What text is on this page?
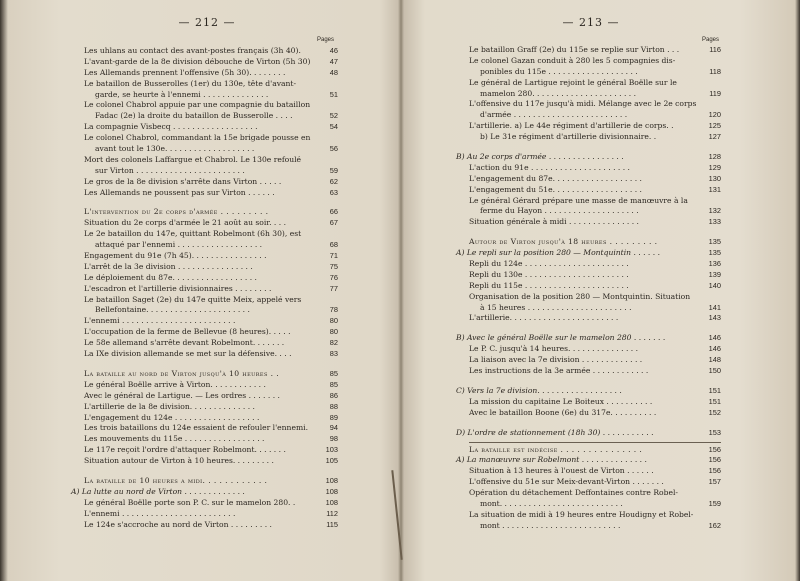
— 212 —
Pages
Les uhlans au contact des avant-postes français (3h 40).	46
L'avant-garde de la 8e division débouche de Virton (5h 30)	47
Les Allemands prennent l'offensive (5h 30). . . . . . . .	48
Le bataillon de Busserolles (1er) du 130e, tête d'avant-
garde, se heurte à l'ennemi . . . . . . . . . . . . . .	51
Le colonel Chabrol appuie par une compagnie du bataillon
Fadac (2e) la droite du bataillon de Busserolle . . . .	52
La compagnie Visbecq . . . . . . . . . . . . . . . . . .	54
Le colonel Chabrol, commandant la 15e brigade pousse en
avant tout le 130e. . . . . . . . . . . . . . . . . . .	56
Mort des colonels Laffargue et Chabrol. Le 130e refoulé
sur Virton . . . . . . . . . . . . . . . . . . . . . . .	59
Le gros de la 8e division s'arrête dans Virton . . . . .	62
Les Allemands ne poussent pas sur Virton . . . . . .	63
L'intervention du 2e corps d'armée . . . . . . . . .	66
Situation du 2e corps d'armée le 21 août au soir. . . .	67
Le 2e bataillon du 147e, quittant Robelmont (6h 30), est
attaqué par l'ennemi . . . . . . . . . . . . . . . . . .	68
Engagement du 91e (7h 45). . . . . . . . . . . . . . . .	71
L'arrêt de la 3e division . . . . . . . . . . . . . . . .	75
Le déploiement du 87e. . . . . . . . . . . . . . . . . .	76
L'escadron et l'artillerie divisionnaires . . . . . . . .	77
Le bataillon Saget (2e) du 147e quitte Meix, appelé vers
Bellefontaine. . . . . . . . . . . . . . . . . . . . . .	78
L'ennemi . . . . . . . . . . . . . . . . . . . . . . . .	80
L'occupation de la ferme de Bellevue (8 heures). . . . .	80
Le 58e allemand s'arrête devant Robelmont. . . . . . .	82
La IXe division allemande se met sur la défensive. . . .	83
La bataille au nord de Virton jusqu'à 10 heures . .	85
Le général Boëlle arrive à Virton. . . . . . . . . . . .	85
Avec le général de Lartigue. — Les ordres . . . . . . .	86
L'artillerie de la 8e division. . . . . . . . . . . . . .	88
L'engagement du 124e . . . . . . . . . . . . . . . . . .	89
Les trois bataillons du 124e essaient de refouler l'ennemi.	94
Les mouvements du 115e . . . . . . . . . . . . . . . . .	98
Le 117e reçoit l'ordre d'attaquer Robelmont. . . . . . .	103
Situation autour de Virton à 10 heures. . . . . . . . .	105
La bataille de 10 heures a midi. . . . . . . . . . . .	108
A) La lutte au nord de Virton . . . . . . . . . . . . .	108
Le général Boëlle porte son P. C. sur le mamelon 280. .	108
L'ennemi . . . . . . . . . . . . . . . . . . . . . . . .	112
Le 124e s'accroche au nord de Virton . . . . . . . . .	115
— 213 —
Pages
Le bataillon Graff (2e) du 115e se replie sur Virton . . .	116
Le colonel Gazan conduit à 280 les 5 compagnies dis-
ponibles du 115e . . . . . . . . . . . . . . . . . . .	118
Le général de Lartigue rejoint le général Boëlle sur le
mamelon 280. . . . . . . . . . . . . . . . . . . . . .	119
L'offensive du 117e jusqu'à midi. Mélange avec le 2e corps
d'armée . . . . . . . . . . . . . . . . . . . . . . . .	120
L'artillerie. a) Le 44e régiment d'artillerie de corps. .	125
b) Le 31e régiment d'artillerie divisionnaire. .	127
B) Au 2e corps d'armée . . . . . . . . . . . . . . . .	128
L'action du 91e . . . . . . . . . . . . . . . . . . . . .	129
L'engagement du 87e. . . . . . . . . . . . . . . . . . .	130
L'engagement du 51e. . . . . . . . . . . . . . . . . . .	131
Le général Gérard prépare une masse de manœuvre à la
ferme du Hayon . . . . . . . . . . . . . . . . . . . .	132
Situation générale à midi . . . . . . . . . . . . . . .	133
Autour de Virton jusqu'à 18 heures . . . . . . . . .	135
A) Le repli sur la position 280 — Montquintin . . . . . .	135
Repli du 124e . . . . . . . . . . . . . . . . . . . . . .	136
Repli du 130e . . . . . . . . . . . . . . . . . . . . . .	139
Repli du 115e . . . . . . . . . . . . . . . . . . . . . .	140
Organisation de la position 280 — Montquintin. Situation
à 15 heures . . . . . . . . . . . . . . . . . . . . . .	141
L'artillerie. . . . . . . . . . . . . . . . . . . . . . .	143
B) Avec le général Boëlle sur le mamelon 280 . . . . . . .	146
Le P. C. jusqu'à 14 heures. . . . . . . . . . . . . . .	146
La liaison avec la 7e division . . . . . . . . . . . . .	148
Les instructions de la 3e armée . . . . . . . . . . . .	150
C) Vers la 7e division. . . . . . . . . . . . . . . . . .	151
La mission du capitaine Le Boiteux . . . . . . . . . .	151
Avec le bataillon Boone (6e) du 317e. . . . . . . . . .	152
D) L'ordre de stationnement (18h 30) . . . . . . . . . . .	153
La bataille est indécise . . . . . . . . . . . . . . .	156
A) La manœuvre sur Robelmont . . . . . . . . . . . . . .	156
Situation à 13 heures à l'ouest de Virton . . . . . .	156
L'offensive du 51e sur Meix-devant-Virton . . . . . . .	157
Opération du détachement Deffontaines contre Robel-
mont. . . . . . . . . . . . . . . . . . . . . . . . . .	159
La situation de midi à 19 heures entre Houdigny et Robel-
mont . . . . . . . . . . . . . . . . . . . . . . . . .	162
